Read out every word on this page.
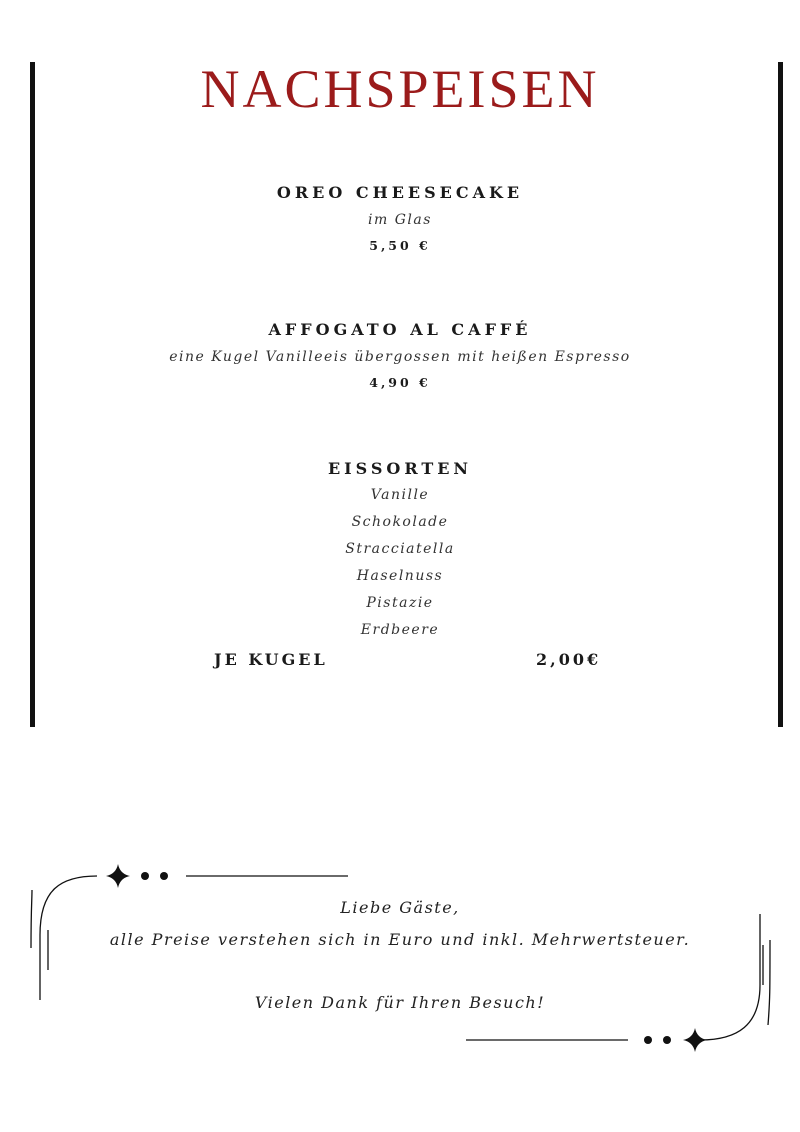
NACHSPEISEN
OREO CHEESECAKE
im Glas
5,50 €
AFFOGATO AL CAFFÉ
eine Kugel Vanilleeis übergossen mit heißen Espresso
4,90 €
EISSORTEN
Vanille
Schokolade
Stracciatella
Haselnuss
Pistazie
Erdbeere
JE KUGEL	2,00€
Liebe Gäste,
alle Preise verstehen sich in Euro und inkl. Mehrwertsteuer.
Vielen Dank für Ihren Besuch!
